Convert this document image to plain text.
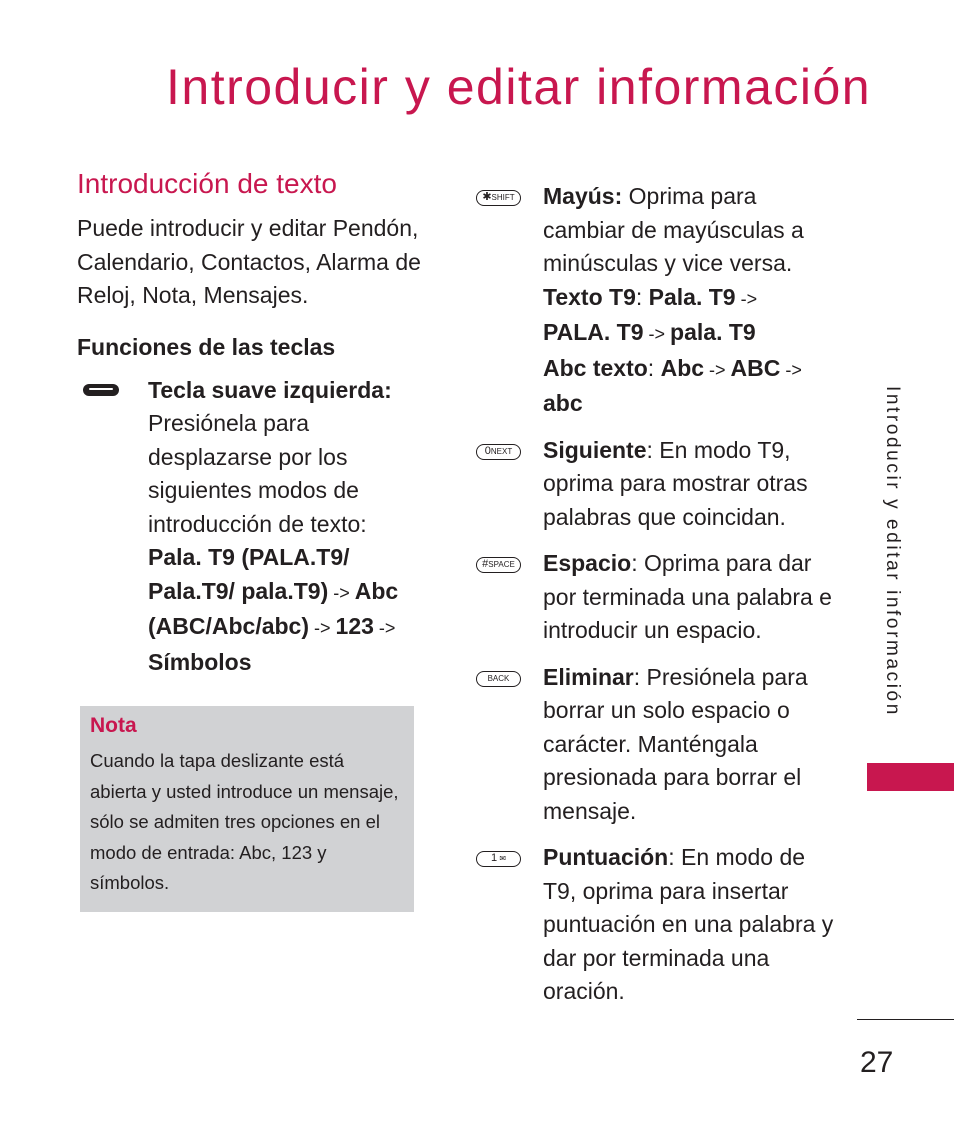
Introducir y editar información
Introducción de texto

Puede introducir y editar Pendón, Calendario, Contactos, Alarma de Reloj, Nota, Mensajes.

Funciones de las teclas
Tecla suave izquierda:
Presiónela para desplazarse por los siguientes modos de introducción de texto: Pala. T9 (PALA.T9/ Pala.T9/ pala.T9) -> Abc (ABC/Abc/abc) -> 123 ->
Símbolos
Nota

Cuando la tapa deslizante está abierta y usted introduce un mensaje, sólo se admiten tres opciones en el modo de entrada: Abc, 123 y símbolos.

✱SHIFT	Mayús: Oprima para cambiar de mayúsculas a minúsculas y vice versa.
Texto T9: Pala. T9 ->
PALA. T9 -> pala. T9
Abc texto: Abc -> ABC ->
abc
0NEXT	Siguiente: En modo T9, oprima para mostrar otras palabras que coincidan.
#SPACE	Espacio: Oprima para dar por terminada una palabra e introducir un espacio.
BACK	Eliminar: Presiónela para borrar un solo espacio o carácter. Manténgala presionada para borrar el mensaje.
1 ✉	Puntuación: En modo de T9, oprima para insertar puntuación en una palabra y dar por terminada una oración.
Introducir y editar información
27
